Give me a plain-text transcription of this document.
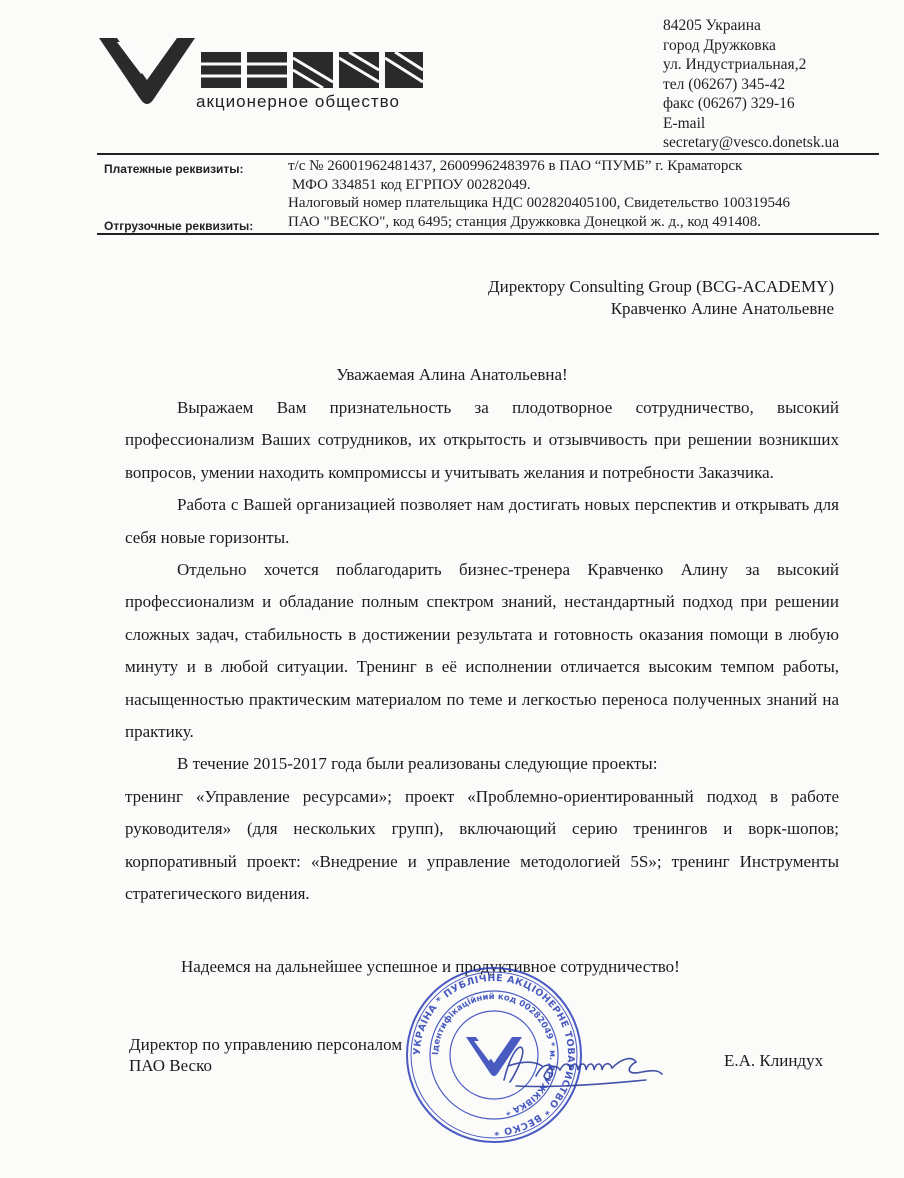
акционерное общество
84205 Украина
город Дружковка
ул. Индустриальная,2
тел (06267) 345-42
факс (06267) 329-16
E-mail
secretary@vesco.donetsk.ua
Платежные реквизиты:	т/с № 26001962481437, 26009962483976 в ПАО “ПУМБ” г. Краматорск
МФО 334851 код ЕГРПОУ 00282049.
Налоговый номер плательщика НДС 002820405100, Свидетельство 100319546
Отгрузочные реквизиты: ПАО "ВЕСКО", код 6495; станция Дружковка Донецкой ж. д., код 491408.
Директору Consulting Group (BCG-ACADEMY)
Кравченко Алине Анатольевне
Уважаемая Алина Анатольевна!

Выражаем Вам признательность за плодотворное сотрудничество, высокий профессионализм Ваших сотрудников, их открытость и отзывчивость при решении возникших вопросов, умении находить компромиссы и учитывать желания и потребности Заказчика.

Работа с Вашей организацией позволяет нам достигать новых перспектив и открывать для себя новые горизонты.

Отдельно хочется поблагодарить бизнес-тренера Кравченко Алину за высокий профессионализм и обладание полным спектром знаний, нестандартный подход при решении сложных задач, стабильность в достижении результата и готовность оказания помощи в любую минуту и в любой ситуации. Тренинг в её исполнении отличается высоким темпом работы, насыщенностью практическим материалом по теме и легкостью переноса полученных знаний на практику.

В течение 2015-2017 года были реализованы следующие проекты:

тренинг «Управление ресурсами»; проект «Проблемно-ориентированный подход в работе руководителя» (для нескольких групп), включающий серию тренингов и ворк-шопов; корпоративный проект: «Внедрение и управление методологией 5S»; тренинг Инструменты стратегического видения.

Надеемся на дальнейшее успешное и продуктивное сотрудничество!
Директор по управлению персоналом
ПАО Веско	Е.А. Клиндух
УКРАЇНА * ПУБЛІЧНЕ АКЦІОНЕРНЕ ТОВАРИСТВО * ВЕСКО *
Ідентифікаційний код 00282049 * м. ДРУЖКІВКА *
